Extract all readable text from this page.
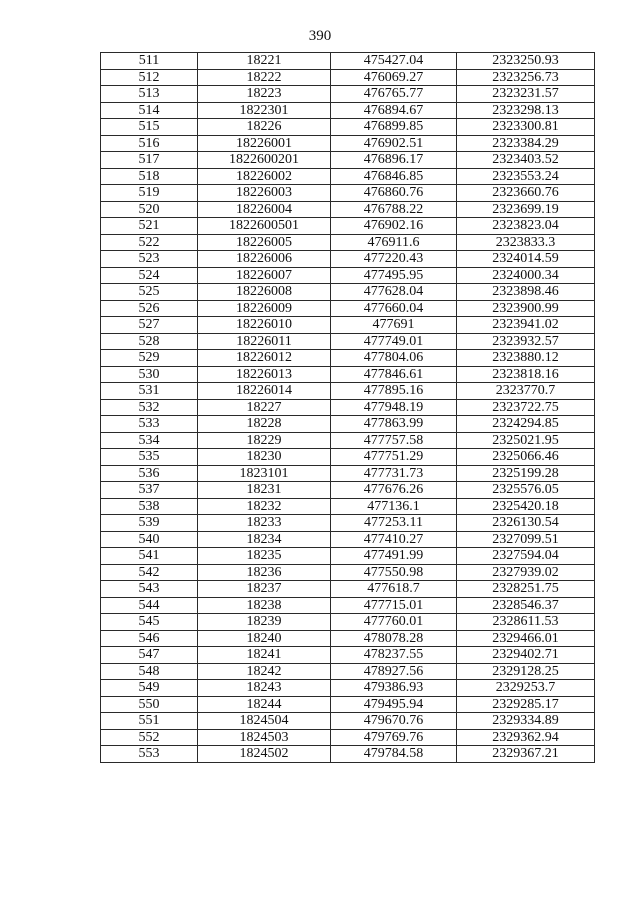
390
511	18221	475427.04	2323250.93
512	18222	476069.27	2323256.73
513	18223	476765.77	2323231.57
514	1822301	476894.67	2323298.13
515	18226	476899.85	2323300.81
516	18226001	476902.51	2323384.29
517	1822600201	476896.17	2323403.52
518	18226002	476846.85	2323553.24
519	18226003	476860.76	2323660.76
520	18226004	476788.22	2323699.19
521	1822600501	476902.16	2323823.04
522	18226005	476911.6	2323833.3
523	18226006	477220.43	2324014.59
524	18226007	477495.95	2324000.34
525	18226008	477628.04	2323898.46
526	18226009	477660.04	2323900.99
527	18226010	477691	2323941.02
528	18226011	477749.01	2323932.57
529	18226012	477804.06	2323880.12
530	18226013	477846.61	2323818.16
531	18226014	477895.16	2323770.7
532	18227	477948.19	2323722.75
533	18228	477863.99	2324294.85
534	18229	477757.58	2325021.95
535	18230	477751.29	2325066.46
536	1823101	477731.73	2325199.28
537	18231	477676.26	2325576.05
538	18232	477136.1	2325420.18
539	18233	477253.11	2326130.54
540	18234	477410.27	2327099.51
541	18235	477491.99	2327594.04
542	18236	477550.98	2327939.02
543	18237	477618.7	2328251.75
544	18238	477715.01	2328546.37
545	18239	477760.01	2328611.53
546	18240	478078.28	2329466.01
547	18241	478237.55	2329402.71
548	18242	478927.56	2329128.25
549	18243	479386.93	2329253.7
550	18244	479495.94	2329285.17
551	1824504	479670.76	2329334.89
552	1824503	479769.76	2329362.94
553	1824502	479784.58	2329367.21
